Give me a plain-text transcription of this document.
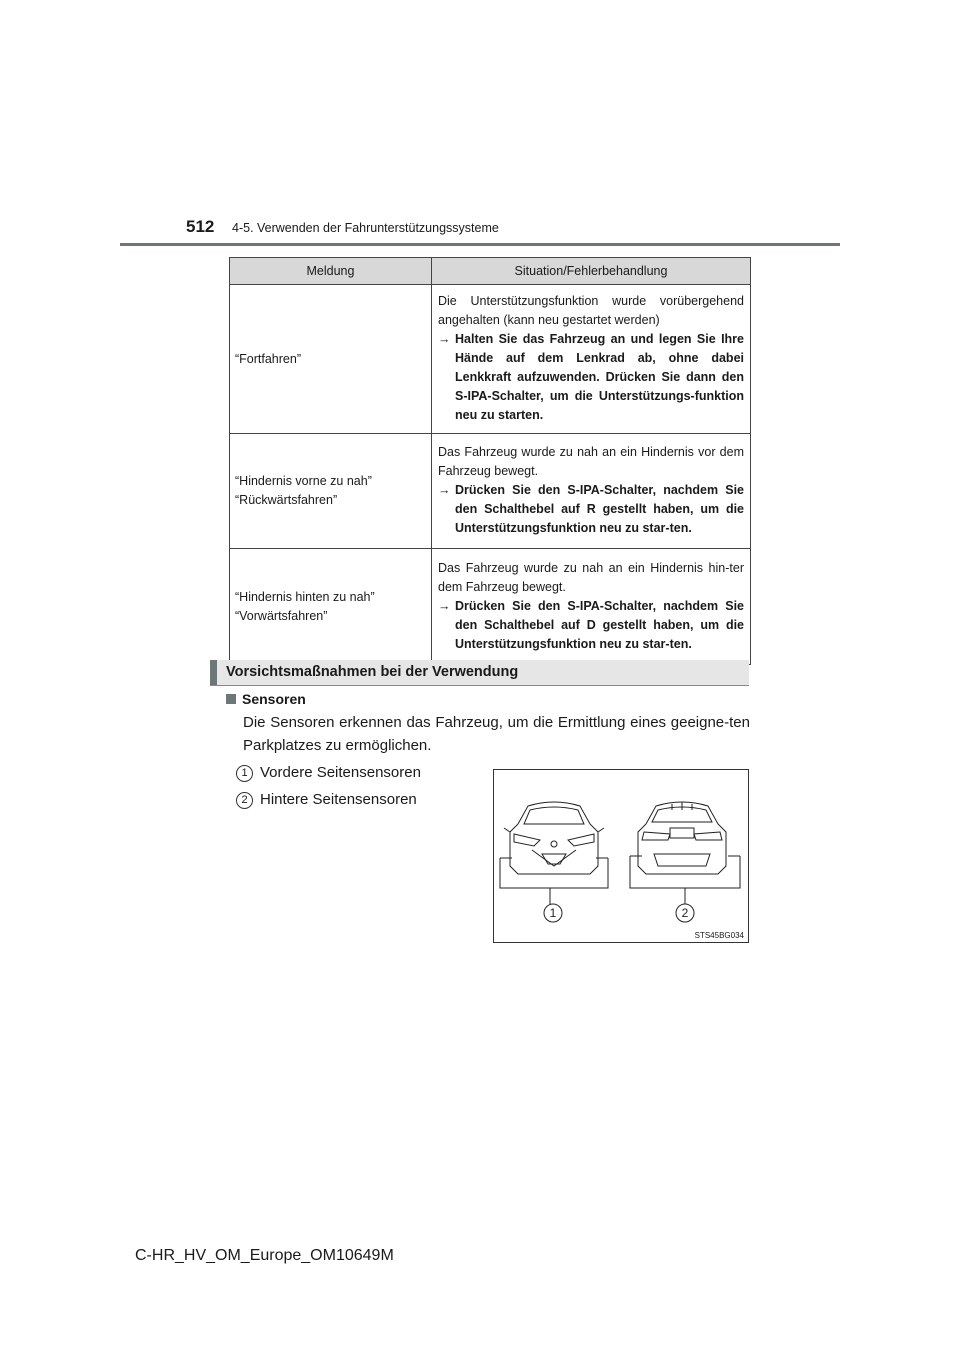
512 4-5. Verwenden der Fahrunterstützungssysteme
Meldung	Situation/Fehlerbehandlung

“Fortfahren”	Die Unterstützungsfunktion wurde vorübergehend angehalten (kann neu gestartet werden)
→ Halten Sie das Fahrzeug an und legen Sie Ihre Hände auf dem Lenkrad ab, ohne dabei Lenkkraft aufzuwenden. Drücken Sie dann den S-IPA-Schalter, um die Unterstützungs-funktion neu zu starten.

“Hindernis vorne zu nah”
“Rückwärtsfahren”	Das Fahrzeug wurde zu nah an ein Hindernis vor dem Fahrzeug bewegt.
→ Drücken Sie den S-IPA-Schalter, nachdem Sie den Schalthebel auf R gestellt haben, um die Unterstützungsfunktion neu zu star-ten.

“Hindernis hinten zu nah”
“Vorwärtsfahren”	Das Fahrzeug wurde zu nah an ein Hindernis hin-ter dem Fahrzeug bewegt.
→ Drücken Sie den S-IPA-Schalter, nachdem Sie den Schalthebel auf D gestellt haben, um die Unterstützungsfunktion neu zu star-ten.
Vorsichtsmaßnahmen bei der Verwendung
Sensoren
Die Sensoren erkennen das Fahrzeug, um die Ermittlung eines geeigne-ten Parkplatzes zu ermöglichen.
1 Vordere Seitensensoren
2 Hintere Seitensensoren
1	2
STS45BG034
C-HR_HV_OM_Europe_OM10649M
